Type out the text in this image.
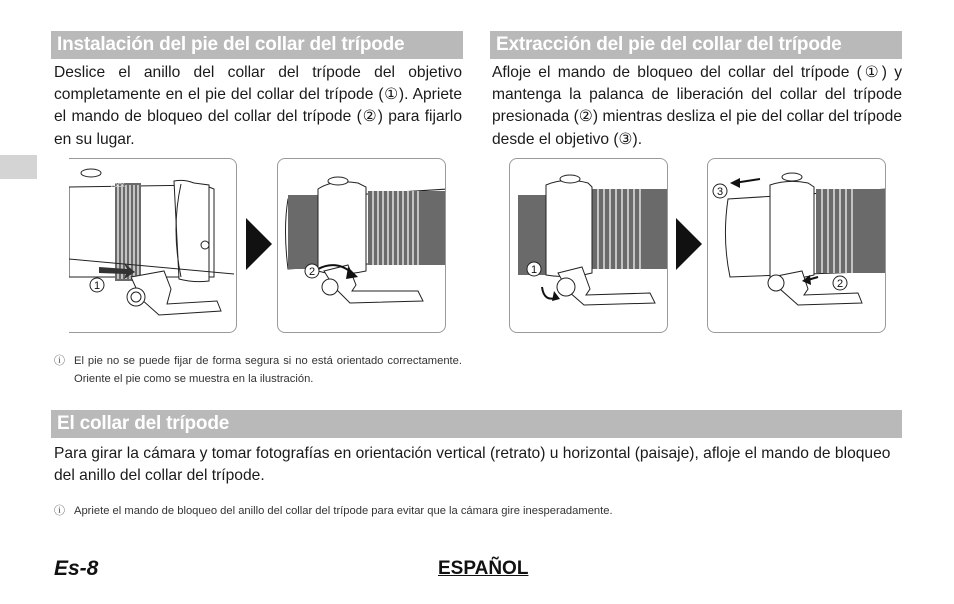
Instalación del pie del collar del trípode
Deslice el anillo del collar del trípode del objetivo completamente en el pie del collar del trípode (①). Apriete el mando de bloqueo del collar del trípode (②) para fijarlo en su lugar.
LOCK
1
2
ⓘ El pie no se puede fijar de forma segura si no está orientado correctamente. Oriente el pie como se muestra en la ilustración.
Extracción del pie del collar del trípode
Afloje el mando de bloqueo del collar del trípode (①) y mantenga la palanca de liberación del collar del trípode presionada (②) mientras desliza el pie del collar del trípode desde el objetivo (③).
1
3
2
El collar del trípode
Para girar la cámara y tomar fotografías en orientación vertical (retrato) u horizontal (paisaje), afloje el mando de bloqueo del anillo del collar del trípode.
ⓘ Apriete el mando de bloqueo del anillo del collar del trípode para evitar que la cámara gire inesperadamente.
Es-8	ESPAÑOL
